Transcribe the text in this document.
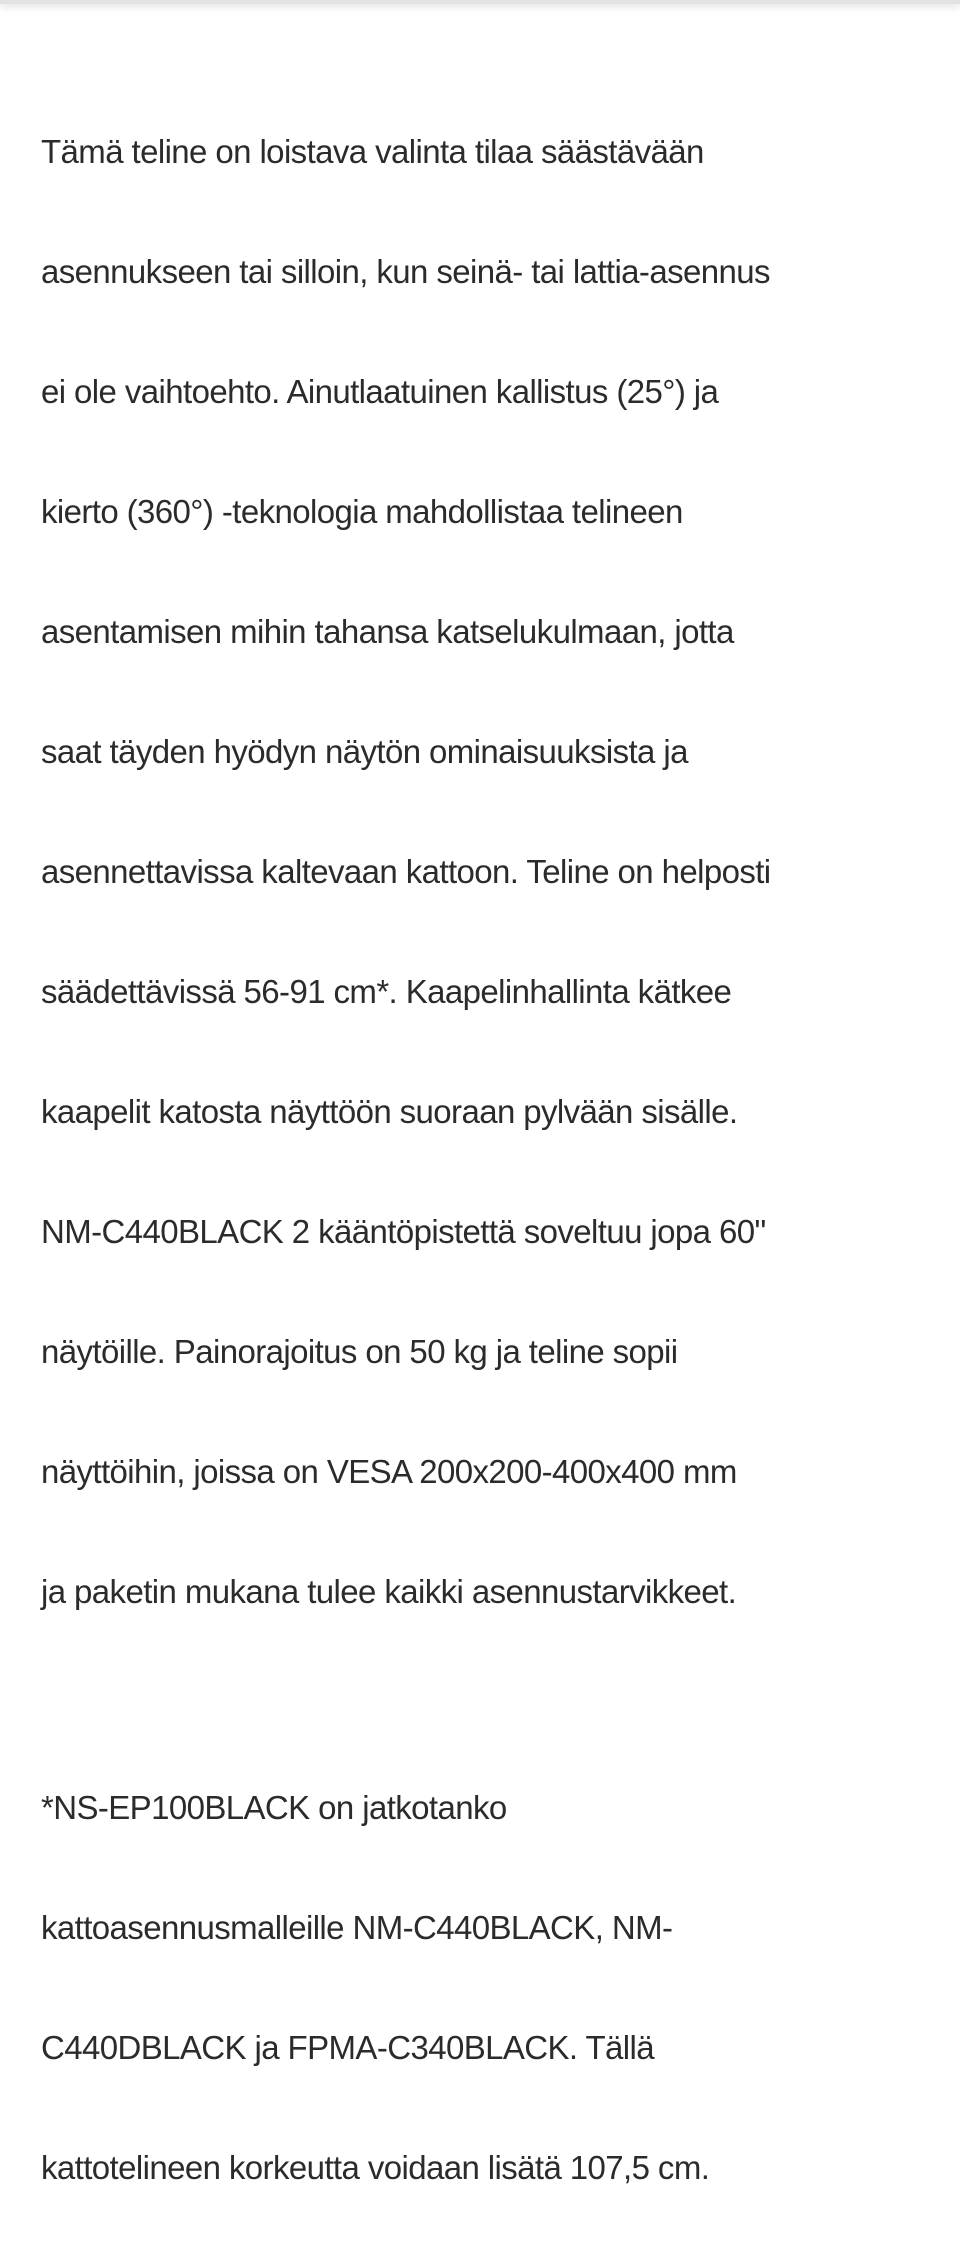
Tämä teline on loistava valinta tilaa säästävään

asennukseen tai silloin, kun seinä- tai lattia-asennus

ei ole vaihtoehto. Ainutlaatuinen kallistus (25°) ja

kierto (360°) -teknologia mahdollistaa telineen

asentamisen mihin tahansa katselukulmaan, jotta

saat täyden hyödyn näytön ominaisuuksista ja

asennettavissa kaltevaan kattoon. Teline on helposti

säädettävissä 56-91 cm*. Kaapelinhallinta kätkee

kaapelit katosta näyttöön suoraan pylvään sisälle.

NM-C440BLACK 2 kääntöpistettä soveltuu jopa 60"

näytöille. Painorajoitus on 50 kg ja teline sopii

näyttöihin, joissa on VESA 200x200-400x400 mm

ja paketin mukana tulee kaikki asennustarvikkeet.

*NS-EP100BLACK on jatkotanko

kattoasennusmalleille NM-C440BLACK, NM-

C440DBLACK ja FPMA-C340BLACK. Tällä

kattotelineen korkeutta voidaan lisätä 107,5 cm.
